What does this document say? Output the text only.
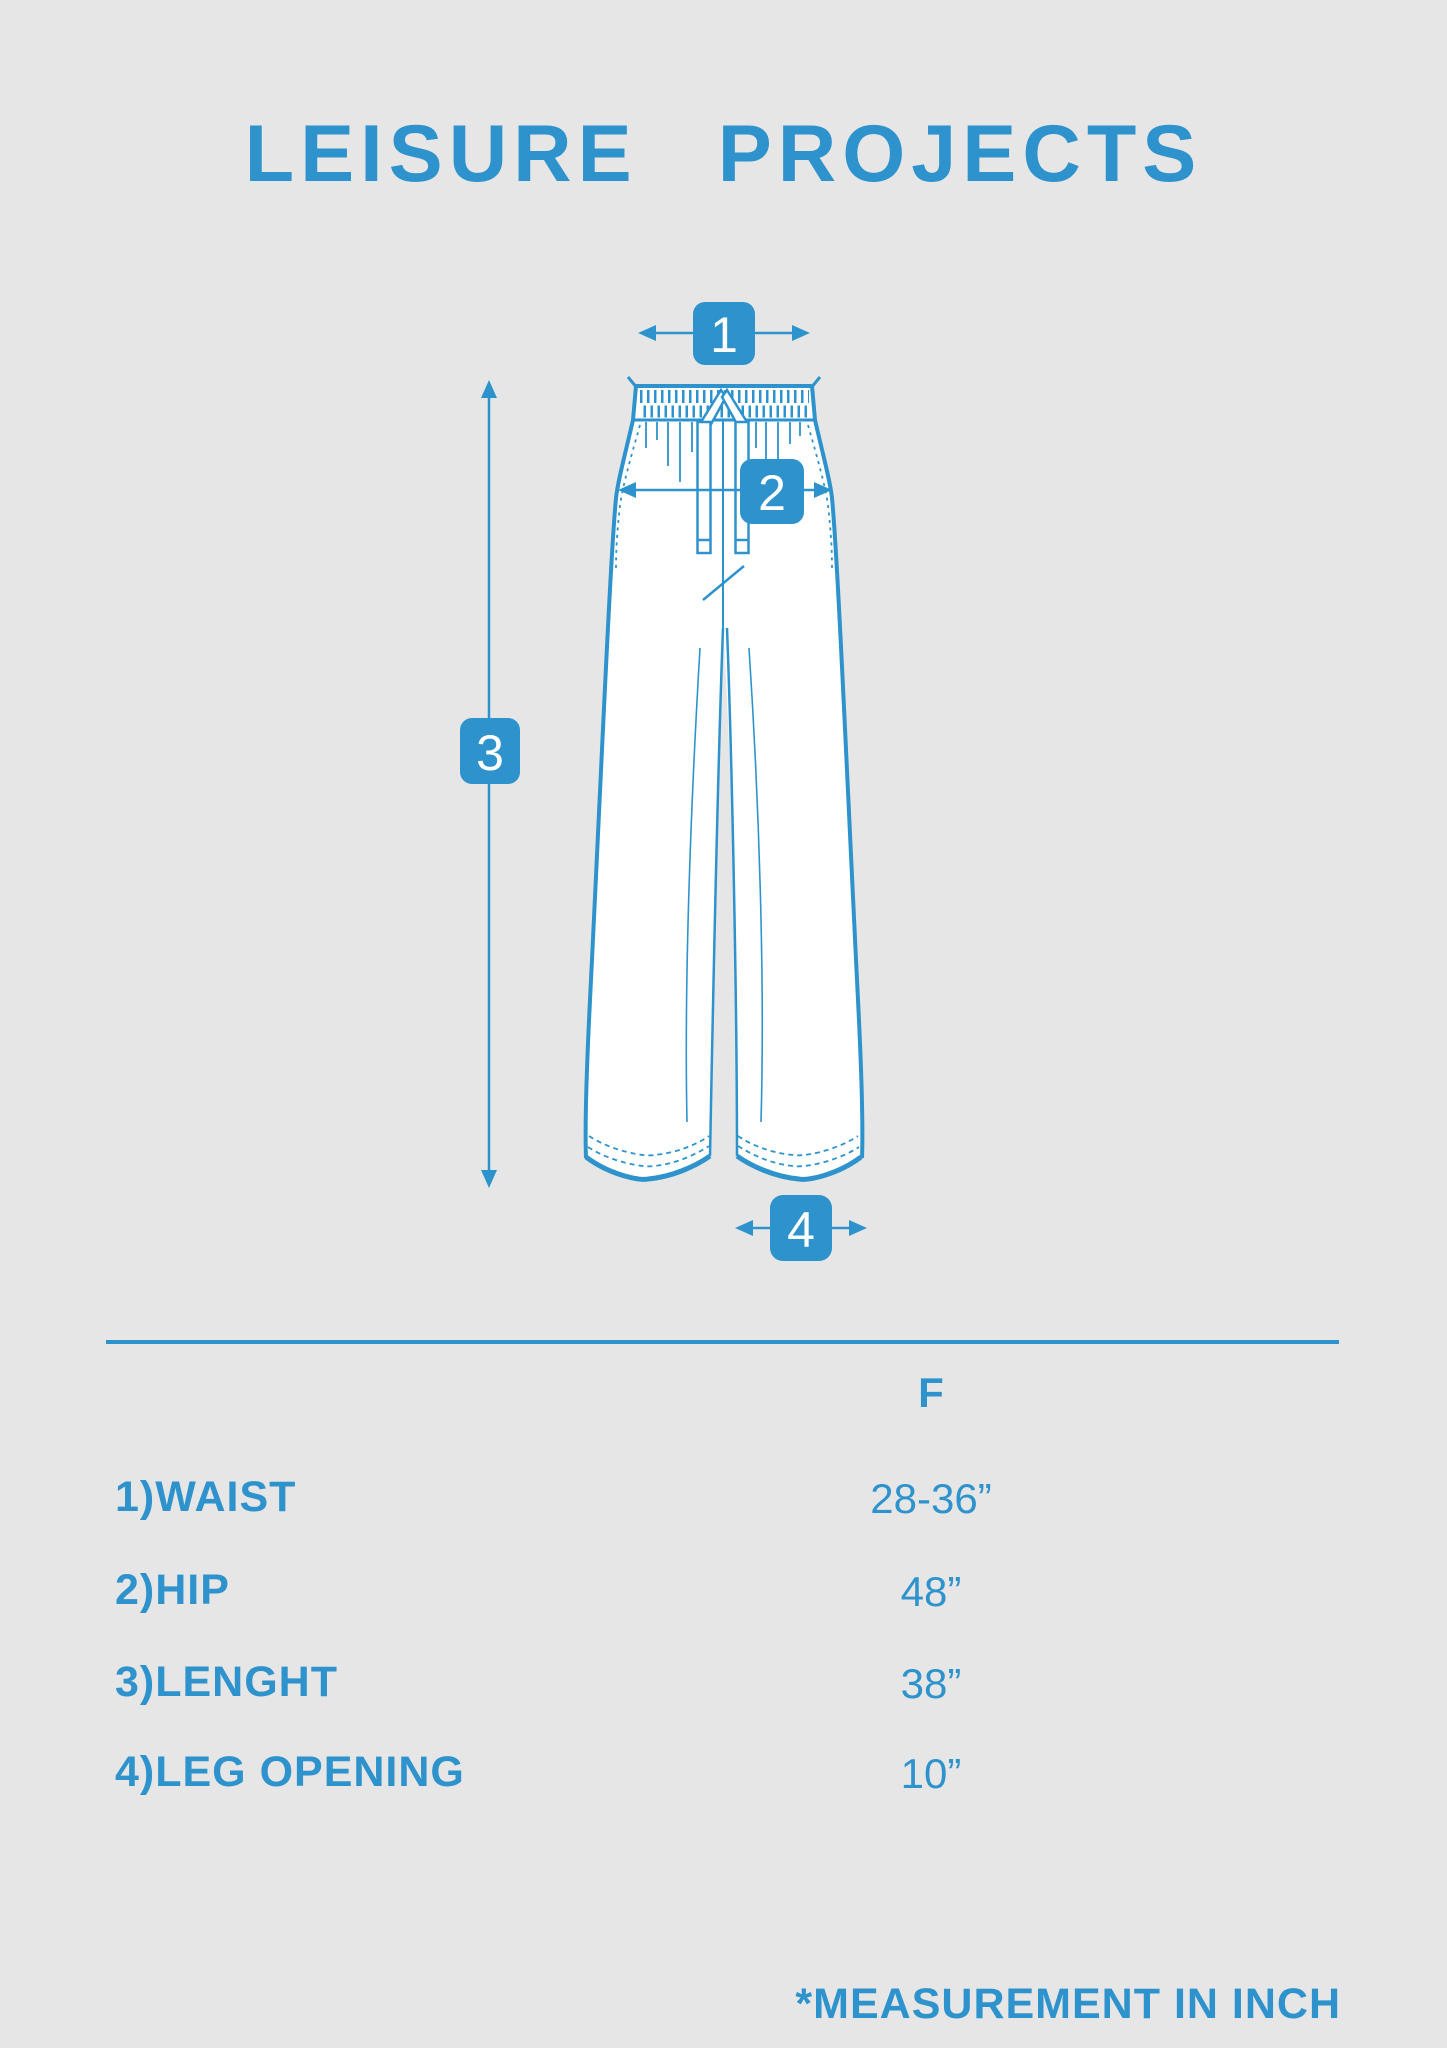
LEISURE PROJECTS
1
2
3
4
F
1)WAIST	28-36”
2)HIP	48”
3)LENGHT	38”
4)LEG OPENING	10”
*MEASUREMENT IN INCH
